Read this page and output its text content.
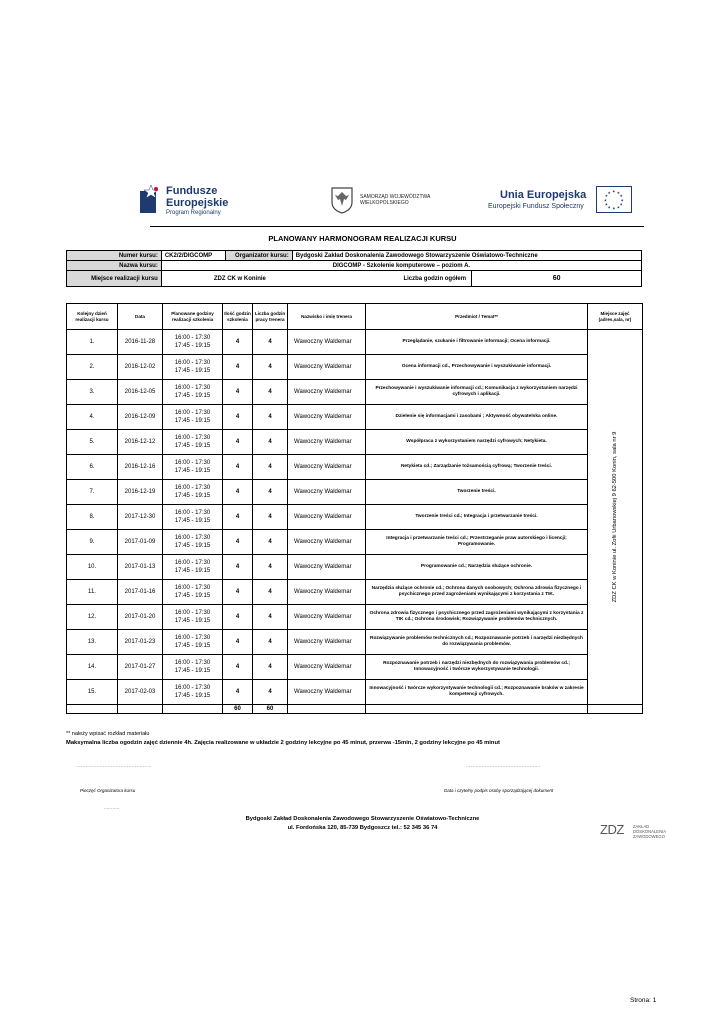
Fundusze
Europejskie
Program Regionalny
SAMORZĄD WOJEWÓDZTWA
WIELKOPOLSKIEGO
Unia Europejska
Europejski Fundusz Społeczny
★ ★
★
★
★
★
★
★
★
★
★
★
PLANOWANY HARMONOGRAM REALIZACJI KURSU
Numer kursu:	CK2/2/DIGCOMP	Organizator kursu:	Bydgoski Zakład Doskonalenia Zawodowego Stowarzyszenie Oświatowo-Techniczne	
Nazwa kursu:	DIGCOMP - Szkolenie komputerowe – poziom A.			
Miejsce realizacji kursu	ZDZ CK w Koninie Liczba godzin ogółem			60
Kolejny dzień realizacji kursu	Data	Planowane godziny realizacji szkolenia	Ilość godzin szkolenia	Liczba godzin pracy trenera	Nazwisko i imię trenera	Przedmiot / Temat**	Miejsce zajęć (adres,sala, nr)
1.	2016-11-28	16:00 - 17:30
17:45 - 19:15	4	4	Wawoczny Waldemar	Przeglądanie, szukanie i filtrowanie informacji; Ocena informacji.	ZDZ CK w Koninie ul. Zofii Urbanowskiej 9 62-500 Konin, sala nr 9

2.	2016-12-02	16:00 - 17:30
17:45 - 19:15	4	4	Wawoczny Waldemar	Ocena informacji cd., Przechowywanie i wyszukiwanie informacji.	
3.	2016-12-05	16:00 - 17:30
17:45 - 19:15	4	4	Wawoczny Waldemar	Przechowywanie i wyszukiwanie informacji cd.; Komunikacja z wykorzystaniem narzędzi cyfrowych i aplikacji.	
4.	2016-12-09	16:00 - 17:30
17:45 - 19:15	4	4	Wawoczny Waldemar	Dzielenie się informacjami i zasobami ; Aktywność obywatelska online.	
5.	2016-12-12	16:00 - 17:30
17:45 - 19:15	4	4	Wawoczny Waldemar	Współpraca z wykorzystaniem narzędzi cyfrowych; Netykieta.	
6.	2016-12-16	16:00 - 17:30
17:45 - 19:15	4	4	Wawoczny Waldemar	Netykieta cd.; Zarządzanie tożsamością cyfrową; Tworzenie treści.	
7.	2016-12-19	16:00 - 17:30
17:45 - 19:15	4	4	Wawoczny Waldemar	Tworzenie treści.	
8.	2017-12-30	16:00 - 17:30
17:45 - 19:15	4	4	Wawoczny Waldemar	Tworzenie treści cd.; Integracja i przetwarzanie treści.	
9.	2017-01-09	16:00 - 17:30
17:45 - 19:15	4	4	Wawoczny Waldemar	Integracja i przetwarzanie treści cd.; Przestrzeganie praw autorskiego i licencji; Programowanie.	
10.	2017-01-13	16:00 - 17:30
17:45 - 19:15	4	4	Wawoczny Waldemar	Programowanie cd.; Narzędzia służące ochronie.	
11.	2017-01-16	16:00 - 17:30
17:45 - 19:15	4	4	Wawoczny Waldemar	Narzędzia służące ochronie cd.; Ochrona danych osobowych; Ochrona zdrowia fizycznego i psychicznego przed zagrożeniami wynikającymi z korzystania z TIK.	
12.	2017-01-20	16:00 - 17:30
17:45 - 19:15	4	4	Wawoczny Waldemar	Ochrona zdrowia fizycznego i psychicznego przed zagrożeniami wynikającymi z korzystania z TIK cd.; Ochrona środowisk; Rozwiązywanie problemów technicznych.	
13.	2017-01-23	16:00 - 17:30
17:45 - 19:15	4	4	Wawoczny Waldemar	Rozwiązywanie problemów technicznych cd.; Rozpoznawanie potrzeb i narzędzi niezbędnych do rozwiązywania problemów.	
14.	2017-01-27	16:00 - 17:30
17:45 - 19:15	4	4	Wawoczny Waldemar	Rozpoznawanie potrzeb i narzędzi niezbędnych do rozwiązywania problemów cd.; Innowacyjność i twórcze wykorzystywanie technologii.	
15.	2017-02-03	16:00 - 17:30
17:45 - 19:15	4	4	Wawoczny Waldemar	Innowacyjność i twórcze wykorzystywanie technologii cd.; Rozpoznawanie braków w zakresie kompetencji cyfrowych.	
			60	60			
** należy wpisać rozkład materiału
Maksymalna liczba ogodzin zajęć dziennie 4h. Zajęcia realizowane w układzie 2 godziny lekcyjne po 45 minut, przerwa -15min, 2 godziny lekcyjne po 45 minut
...............................................	...............................................
Pieczęć Organizatora kursu	Data i czytelny podpis osoby sporządzającej dokument
...........
Bydgoski Zakład Doskonalenia Zawodowego Stowarzyszenie Oświatowo-Techniczne
ul. Fordońska 120, 85-739 Bydgoszcz tel.: 52 345 36 74	ZDZ ZAKŁAD
DOSKONALENIA
ZAWODOWEGO
Strona: 1
